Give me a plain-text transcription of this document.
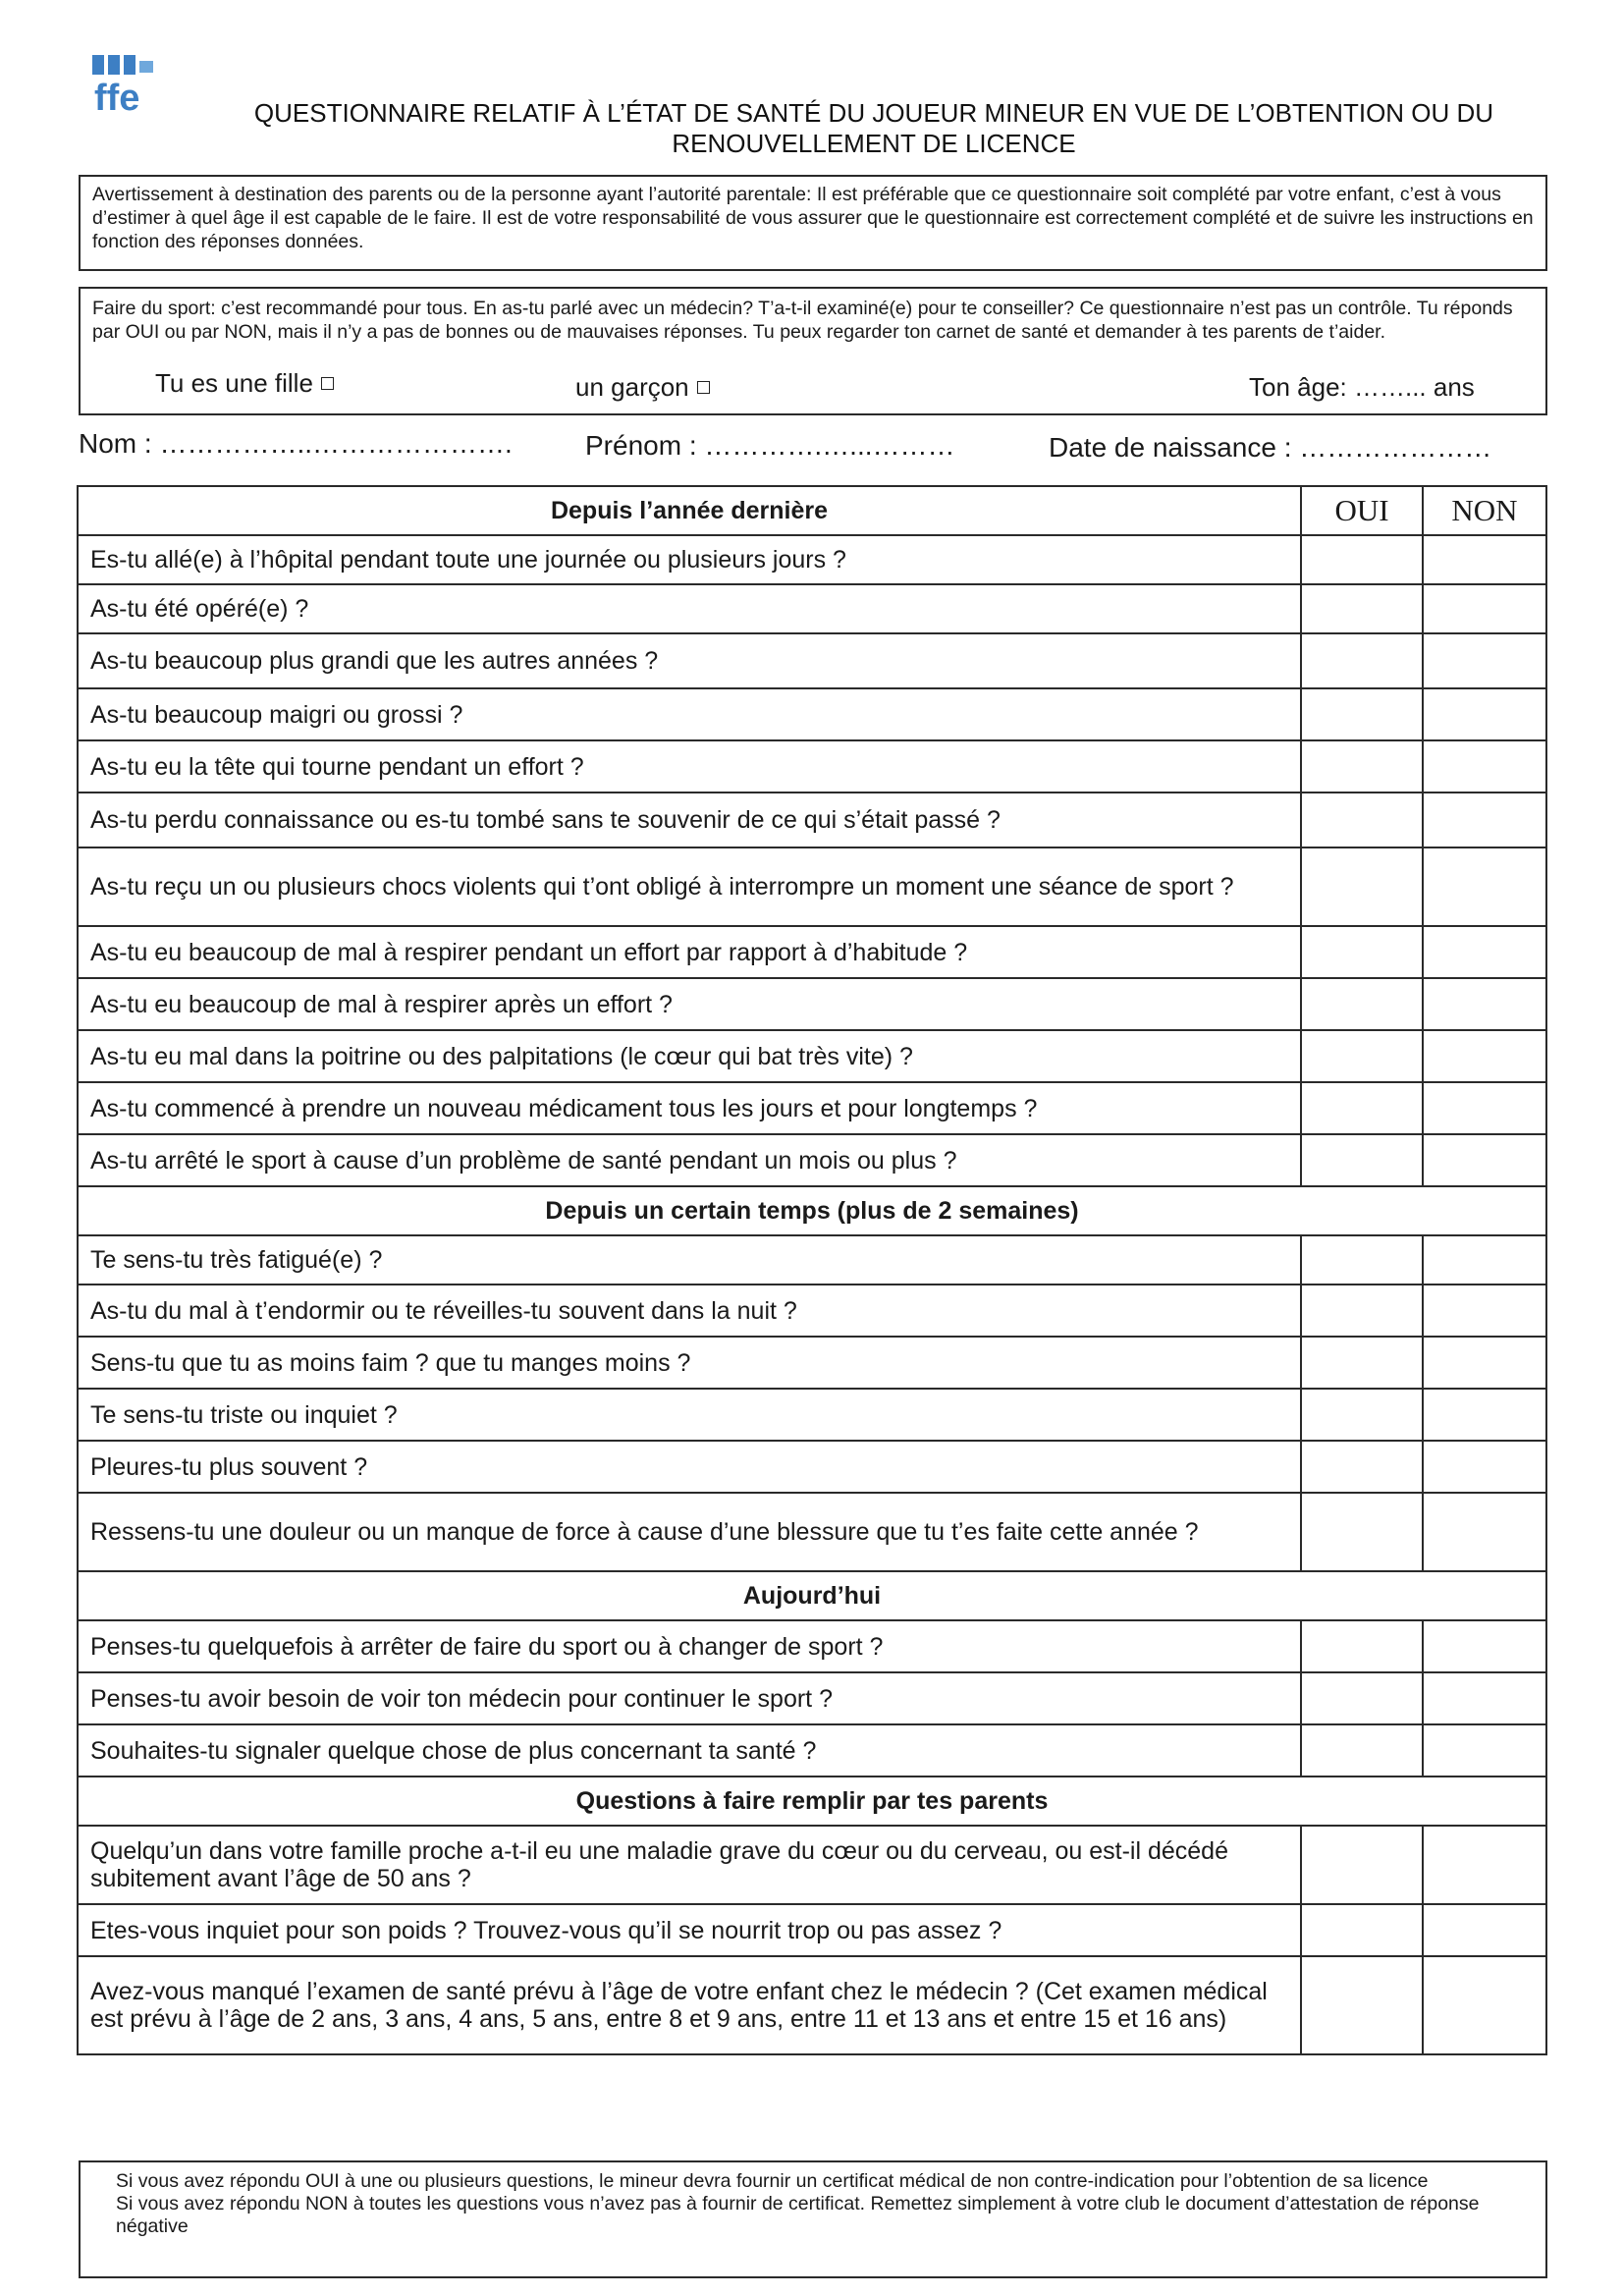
ffe	QUESTIONNAIRE RELATIF À L’ÉTAT DE SANTÉ DU JOUEUR MINEUR EN VUE DE L’OBTENTION OU DU
RENOUVELLEMENT DE LICENCE
Avertissement à destination des parents ou de la personne ayant l’autorité parentale: Il est préférable que ce questionnaire soit complété par votre enfant, c’est à vous d’estimer à quel âge il est capable de le faire. Il est de votre responsabilité de vous assurer que le questionnaire est correctement complété et de suivre les instructions en fonction des réponses données.
Faire du sport: c’est recommandé pour tous. En as-tu parlé avec un médecin? T’a-t-il examiné(e) pour te conseiller? Ce questionnaire n’est pas un contrôle. Tu réponds par OUI ou par NON, mais il n’y a pas de bonnes ou de mauvaises réponses. Tu peux regarder ton carnet de santé et demander à tes parents de t’aider.
Tu es une fille	un garçon	Ton âge: ……... ans
Nom : ……………..………………….	Prénom : ………….…...………	Date de naissance : …………………
Depuis l’année dernière	OUI	NON
Es-tu allé(e) à l’hôpital pendant toute une journée ou plusieurs jours ?		
As-tu été opéré(e) ?		
As-tu beaucoup plus grandi que les autres années ?		
As-tu beaucoup maigri ou grossi ?		
As-tu eu la tête qui tourne pendant un effort ?		
As-tu perdu connaissance ou es-tu tombé sans te souvenir de ce qui s’était passé ?		
As-tu reçu un ou plusieurs chocs violents qui t’ont obligé à interrompre un moment une séance de sport ?		
As-tu eu beaucoup de mal à respirer pendant un effort par rapport à d’habitude ?		
As-tu eu beaucoup de mal à respirer après un effort ?		
As-tu eu mal dans la poitrine ou des palpitations (le cœur qui bat très vite) ?		
As-tu commencé à prendre un nouveau médicament tous les jours et pour longtemps ?		
As-tu arrêté le sport à cause d’un problème de santé pendant un mois ou plus ?		
Depuis un certain temps (plus de 2 semaines)		
Te sens-tu très fatigué(e) ?		
As-tu du mal à t’endormir ou te réveilles-tu souvent dans la nuit ?		
Sens-tu que tu as moins faim ? que tu manges moins ?		
Te sens-tu triste ou inquiet ?		
Pleures-tu plus souvent ?		
Ressens-tu une douleur ou un manque de force à cause d’une blessure que tu t’es faite cette année ?		
Aujourd’hui		
Penses-tu quelquefois à arrêter de faire du sport ou à changer de sport ?		
Penses-tu avoir besoin de voir ton médecin pour continuer le sport ?		
Souhaites-tu signaler quelque chose de plus concernant ta santé ?		
Questions à faire remplir par tes parents		
Quelqu’un dans votre famille proche a-t-il eu une maladie grave du cœur ou du cerveau, ou est-il décédé subitement avant l’âge de 50 ans ?		
Etes-vous inquiet pour son poids ? Trouvez-vous qu’il se nourrit trop ou pas assez ?		
Avez-vous manqué l’examen de santé prévu à l’âge de votre enfant chez le médecin ? (Cet examen médical est prévu à l’âge de 2 ans, 3 ans, 4 ans, 5 ans, entre 8 et 9 ans, entre 11 et 13 ans et entre 15 et 16 ans)		
Si vous avez répondu OUI à une ou plusieurs questions, le mineur devra fournir un certificat médical de non contre-indication pour l’obtention de sa licence
Si vous avez répondu NON à toutes les questions vous n’avez pas à fournir de certificat. Remettez simplement à votre club le document d’attestation de réponse négative
